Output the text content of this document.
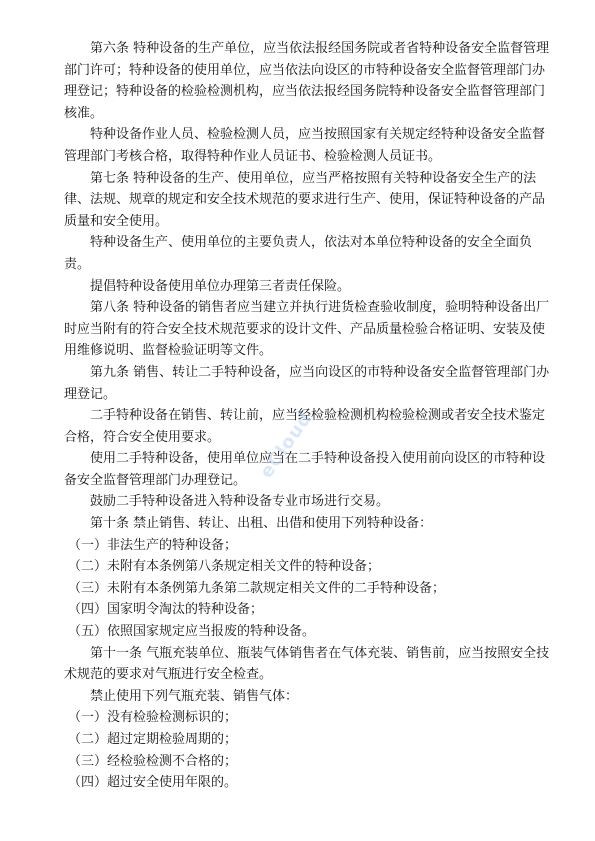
第六条 特种设备的生产单位，应当依法报经国务院或者省特种设备安全监督管理部门许可；特种设备的使用单位，应当依法向设区的市特种设备安全监督管理部门办理登记；特种设备的检验检测机构，应当依法报经国务院特种设备安全监督管理部门核准。

特种设备作业人员、检验检测人员，应当按照国家有关规定经特种设备安全监督管理部门考核合格，取得特种作业人员证书、检验检测人员证书。

第七条 特种设备的生产、使用单位，应当严格按照有关特种设备安全生产的法律、法规、规章的规定和安全技术规范的要求进行生产、使用，保证特种设备的产品质量和安全使用。

特种设备生产、使用单位的主要负责人，依法对本单位特种设备的安全全面负责。

提倡特种设备使用单位办理第三者责任保险。

第八条 特种设备的销售者应当建立并执行进货检查验收制度，验明特种设备出厂时应当附有的符合安全技术规范要求的设计文件、产品质量检验合格证明、安装及使用维修说明、监督检验证明等文件。

第九条 销售、转让二手特种设备，应当向设区的市特种设备安全监督管理部门办理登记。

二手特种设备在销售、转让前，应当经检验检测机构检验检测或者安全技术鉴定合格，符合安全使用要求。

使用二手特种设备，使用单位应当在二手特种设备投入使用前向设区的市特种设备安全监督管理部门办理登记。

鼓励二手特种设备进入特种设备专业市场进行交易。

第十条 禁止销售、转让、出租、出借和使用下列特种设备：

（一）非法生产的特种设备；

（二）未附有本条例第八条规定相关文件的特种设备；

（三）未附有本条例第九条第二款规定相关文件的二手特种设备；

（四）国家明令淘汰的特种设备；

（五）依照国家规定应当报废的特种设备。

第十一条 气瓶充装单位、瓶装气体销售者在气体充装、销售前，应当按照安全技术规范的要求对气瓶进行安全检查。

禁止使用下列气瓶充装、销售气体：

（一）没有检验检测标识的；

（二）超过定期检验周期的；

（三）经检验检测不合格的；

（四）超过安全使用年限的。

eCloud
